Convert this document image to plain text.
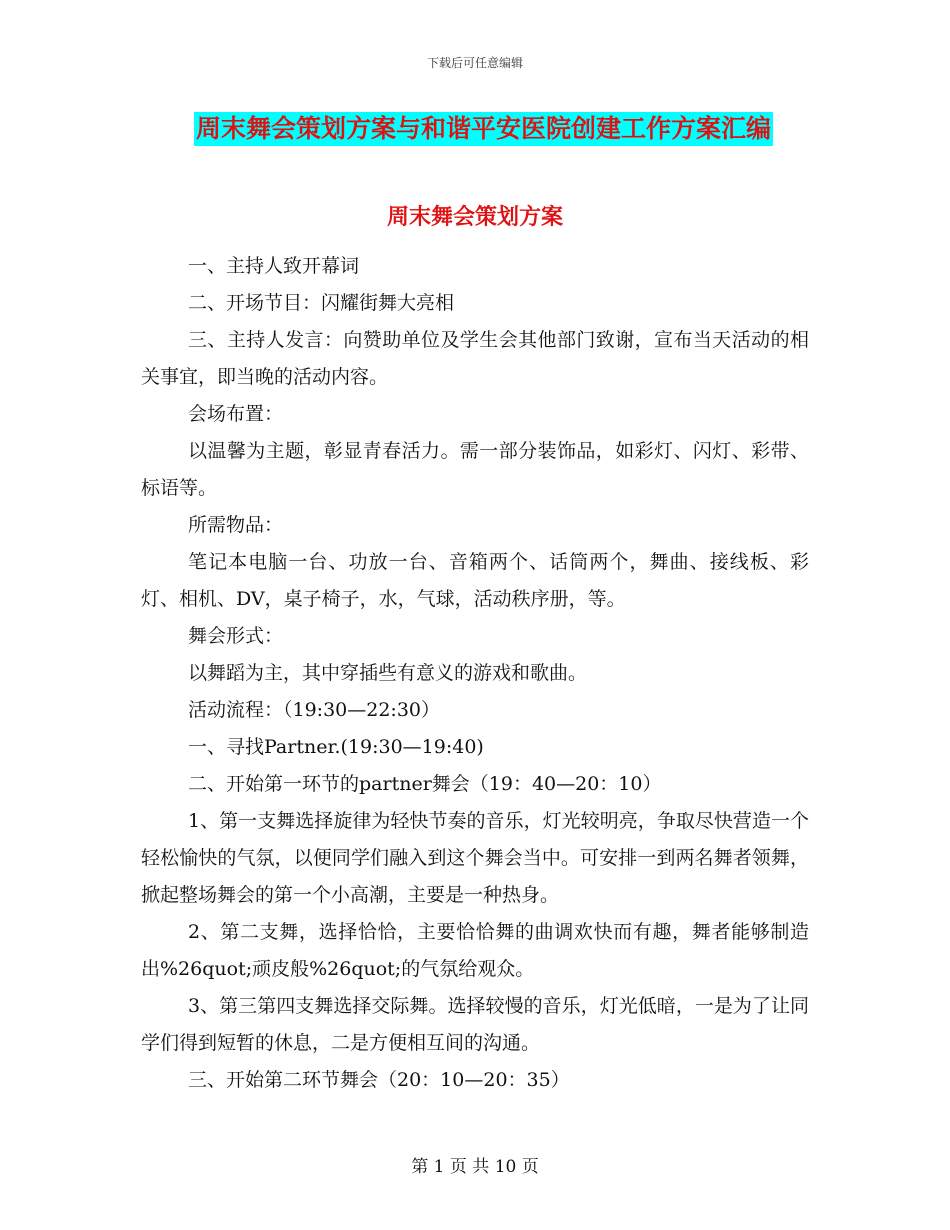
下载后可任意编辑
周末舞会策划方案与和谐平安医院创建工作方案汇编
周末舞会策划方案

一、主持人致开幕词

二、开场节目：闪耀街舞大亮相

三、主持人发言：向赞助单位及学生会其他部门致谢，宣布当天活动的相关事宜，即当晚的活动内容。

会场布置：

以温馨为主题，彰显青春活力。需一部分装饰品，如彩灯、闪灯、彩带、标语等。

所需物品：

笔记本电脑一台、功放一台、音箱两个、话筒两个，舞曲、接线板、彩灯、相机、DV，桌子椅子，水，气球，活动秩序册，等。

舞会形式：

以舞蹈为主，其中穿插些有意义的游戏和歌曲。

活动流程：（19:30—22:30）

一、寻找Partner.(19:30—19:40)

二、开始第一环节的partner舞会（19：40—20：10）

1、第一支舞选择旋律为轻快节奏的音乐，灯光较明亮，争取尽快营造一个轻松愉快的气氛，以便同学们融入到这个舞会当中。可安排一到两名舞者领舞，掀起整场舞会的第一个小高潮，主要是一种热身。

2、第二支舞，选择恰恰，主要恰恰舞的曲调欢快而有趣，舞者能够制造出%26quot;顽皮般%26quot;的气氛给观众。

3、第三第四支舞选择交际舞。选择较慢的音乐，灯光低暗，一是为了让同学们得到短暂的休息，二是方便相互间的沟通。

三、开始第二环节舞会（20：10—20：35）

第 1 页 共 10 页
